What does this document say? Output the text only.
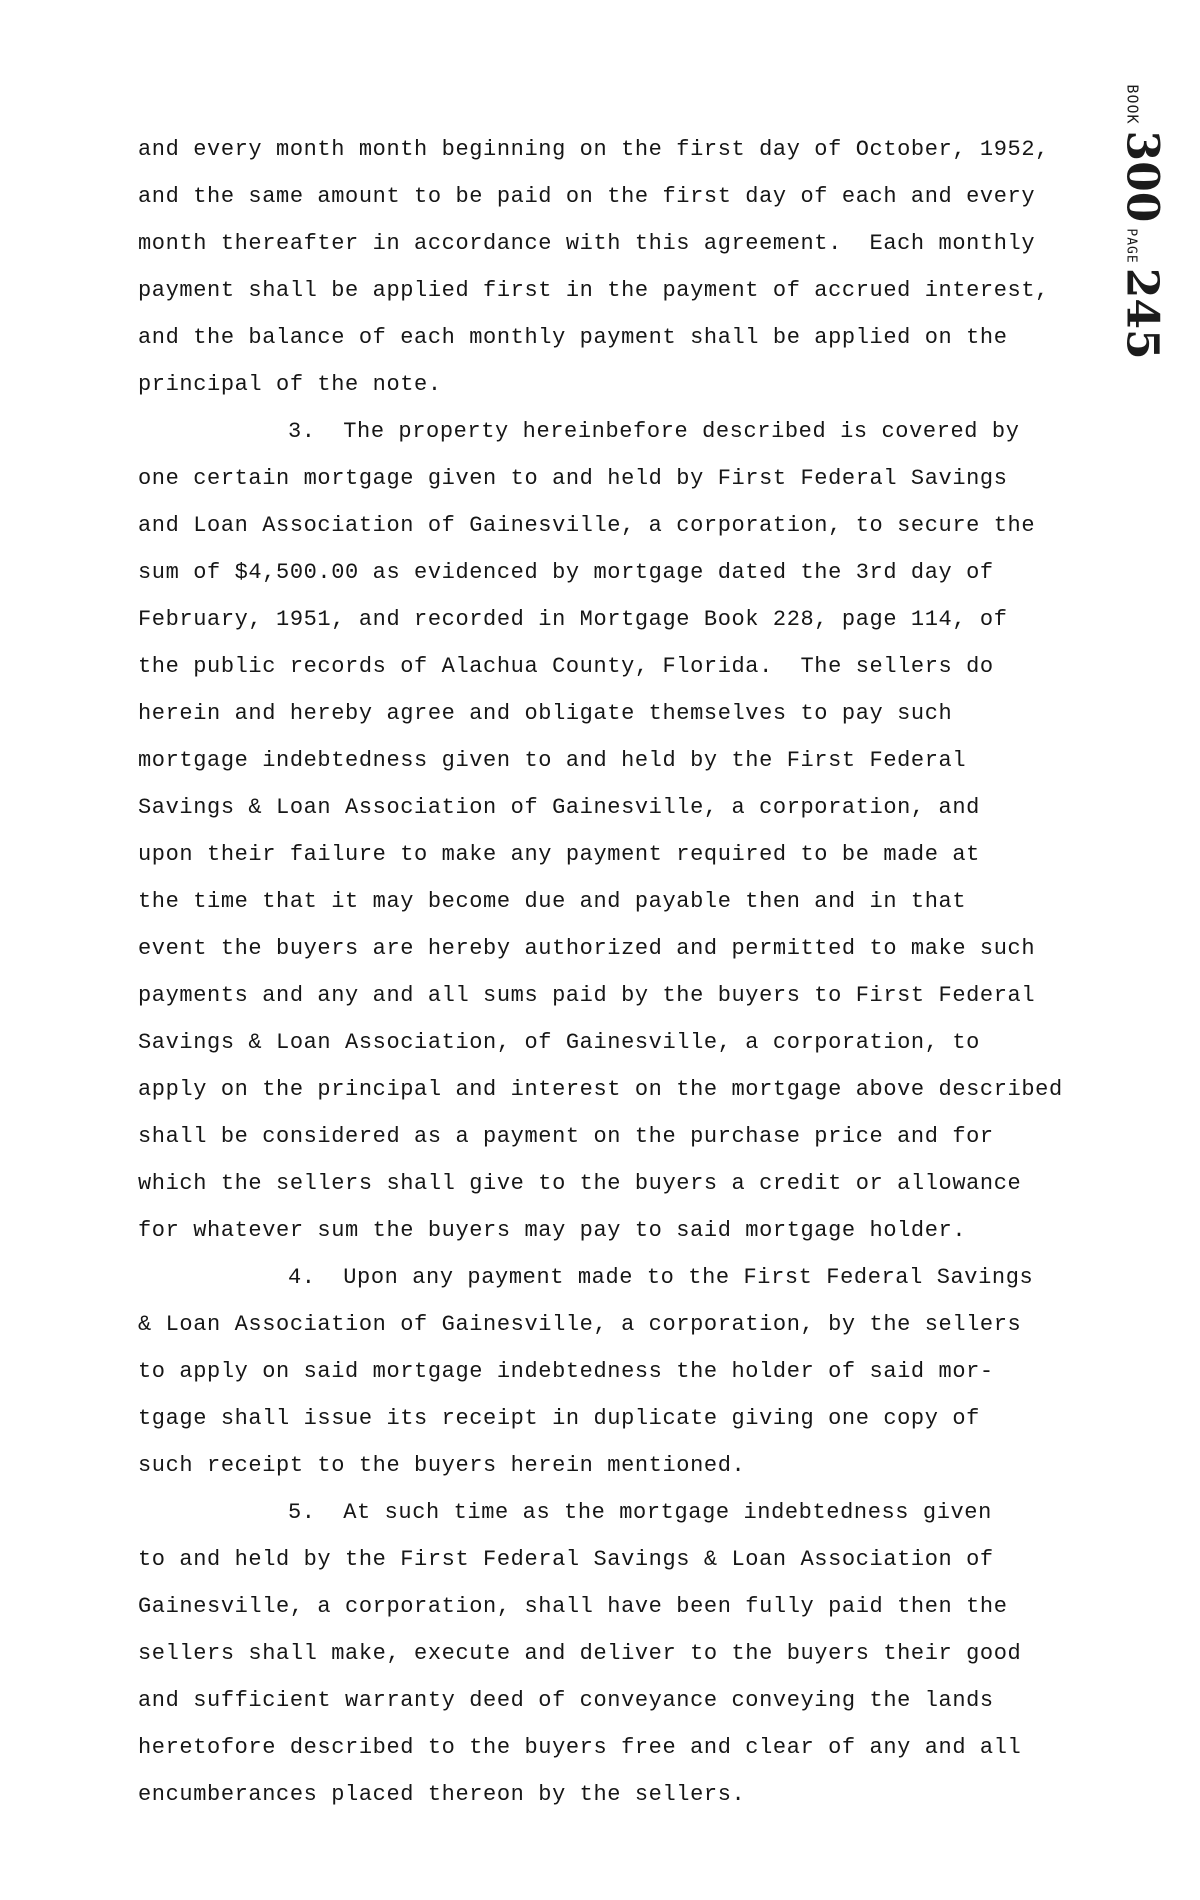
BOOK300PAGE245
and every month month beginning on the first day of October, 1952,
and the same amount to be paid on the first day of each and every
month thereafter in accordance with this agreement.  Each monthly
payment shall be applied first in the payment of accrued interest,
and the balance of each monthly payment shall be applied on the
principal of the note.
3.  The property hereinbefore described is covered by
one certain mortgage given to and held by First Federal Savings
and Loan Association of Gainesville, a corporation, to secure the
sum of $4,500.00 as evidenced by mortgage dated the 3rd day of
February, 1951, and recorded in Mortgage Book 228, page 114, of
the public records of Alachua County, Florida.  The sellers do
herein and hereby agree and obligate themselves to pay such
mortgage indebtedness given to and held by the First Federal
Savings & Loan Association of Gainesville, a corporation, and
upon their failure to make any payment required to be made at
the time that it may become due and payable then and in that
event the buyers are hereby authorized and permitted to make such
payments and any and all sums paid by the buyers to First Federal
Savings & Loan Association, of Gainesville, a corporation, to
apply on the principal and interest on the mortgage above described
shall be considered as a payment on the purchase price and for
which the sellers shall give to the buyers a credit or allowance
for whatever sum the buyers may pay to said mortgage holder.
4.  Upon any payment made to the First Federal Savings
& Loan Association of Gainesville, a corporation, by the sellers
to apply on said mortgage indebtedness the holder of said mor-
tgage shall issue its receipt in duplicate giving one copy of
such receipt to the buyers herein mentioned.
5.  At such time as the mortgage indebtedness given
to and held by the First Federal Savings & Loan Association of
Gainesville, a corporation, shall have been fully paid then the
sellers shall make, execute and deliver to the buyers their good
and sufficient warranty deed of conveyance conveying the lands
heretofore described to the buyers free and clear of any and all
encumberances placed thereon by the sellers.
